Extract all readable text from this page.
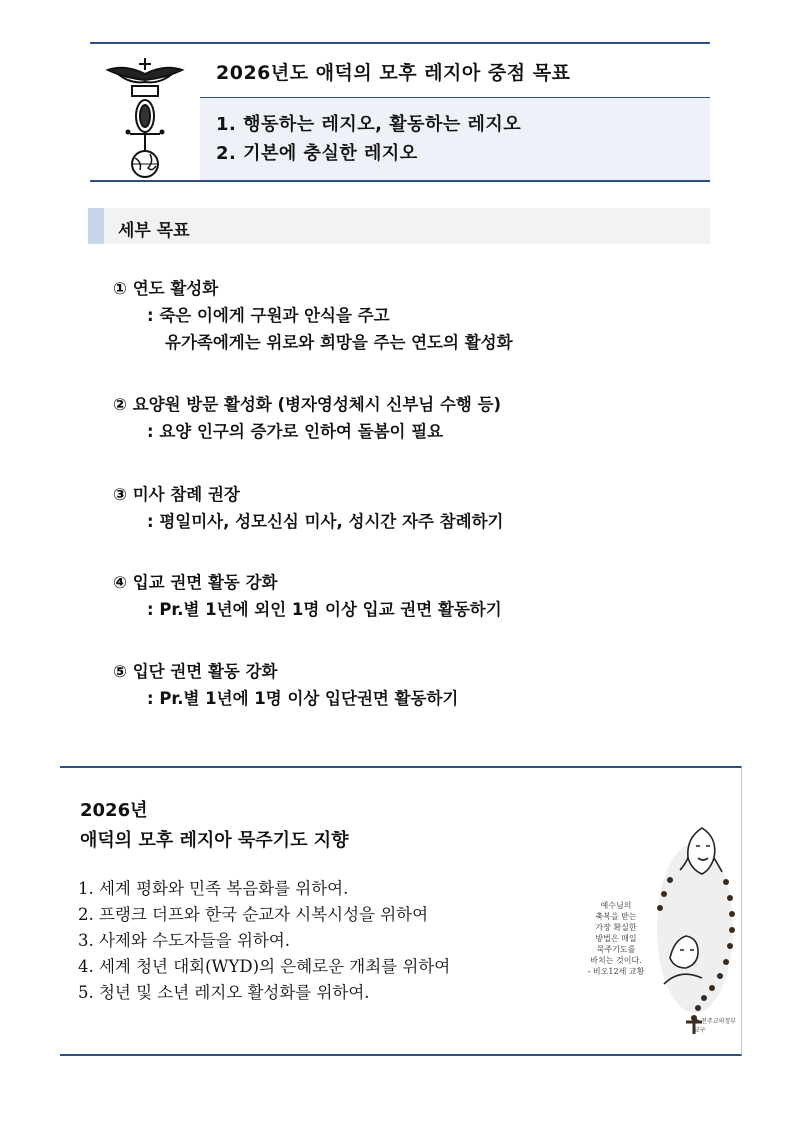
2026년도 애덕의 모후 레지아 중점 목표
1. 행동하는 레지오, 활동하는 레지오
2. 기본에 충실한 레지오
세부 목표
① 연도 활성화
: 죽은 이에게 구원과 안식을 주고
유가족에게는 위로와 희망을 주는 연도의 활성화
② 요양원 방문 활성화 (병자영성체시 신부님 수행 등)
: 요양 인구의 증가로 인하여 돌봄이 필요
③ 미사 참례 권장
: 평일미사, 성모신심 미사, 성시간 자주 참례하기
④ 입교 권면 활동 강화
: Pr.별 1년에 외인 1명 이상 입교 권면 활동하기
⑤ 입단 권면 활동 강화
: Pr.별 1년에 1명 이상 입단권면 활동하기
2026년
애덕의 모후 레지아 묵주기도 지향
1. 세계 평화와 민족 복음화를 위하여.
2. 프랭크 더프와 한국 순교자 시복시성을 위하여
3. 사제와 수도자들을 위하여.
4. 세계 청년 대회(WYD)의 은혜로운 개최를 위하여
5. 청년 및 소년 레지오 활성화를 위하여.
예수님의
축복을 받는
가장 확실한
방법은 매일
묵주기도를
바치는 것이다.
- 비오12세 교황
● 천주교의정부교구
